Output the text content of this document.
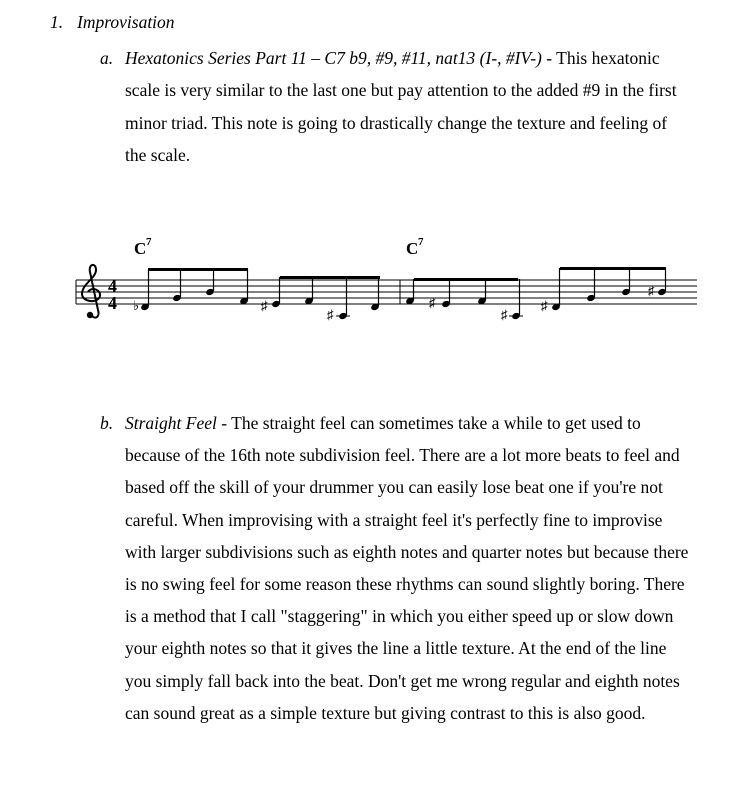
1. Improvisation
a. Hexatonics Series Part 11 – C7 b9, #9, #11, nat13 (I-, #IV-) - This hexatonic scale is very similar to the last one but pay attention to the added #9 in the first minor triad. This note is going to drastically change the texture and feeling of the scale.
C 7	C 7
4
4 ♭	♯
♯
♯
♯
♯
♯
b. Straight Feel - The straight feel can sometimes take a while to get used to because of the 16th note subdivision feel. There are a lot more beats to feel and based off the skill of your drummer you can easily lose beat one if you're not careful. When improvising with a straight feel it's perfectly fine to improvise with larger subdivisions such as eighth notes and quarter notes but because there is no swing feel for some reason these rhythms can sound slightly boring. There is a method that I call "staggering" in which you either speed up or slow down your eighth notes so that it gives the line a little texture. At the end of the line you simply fall back into the beat. Don't get me wrong regular and eighth notes can sound great as a simple texture but giving contrast to this is also good.
